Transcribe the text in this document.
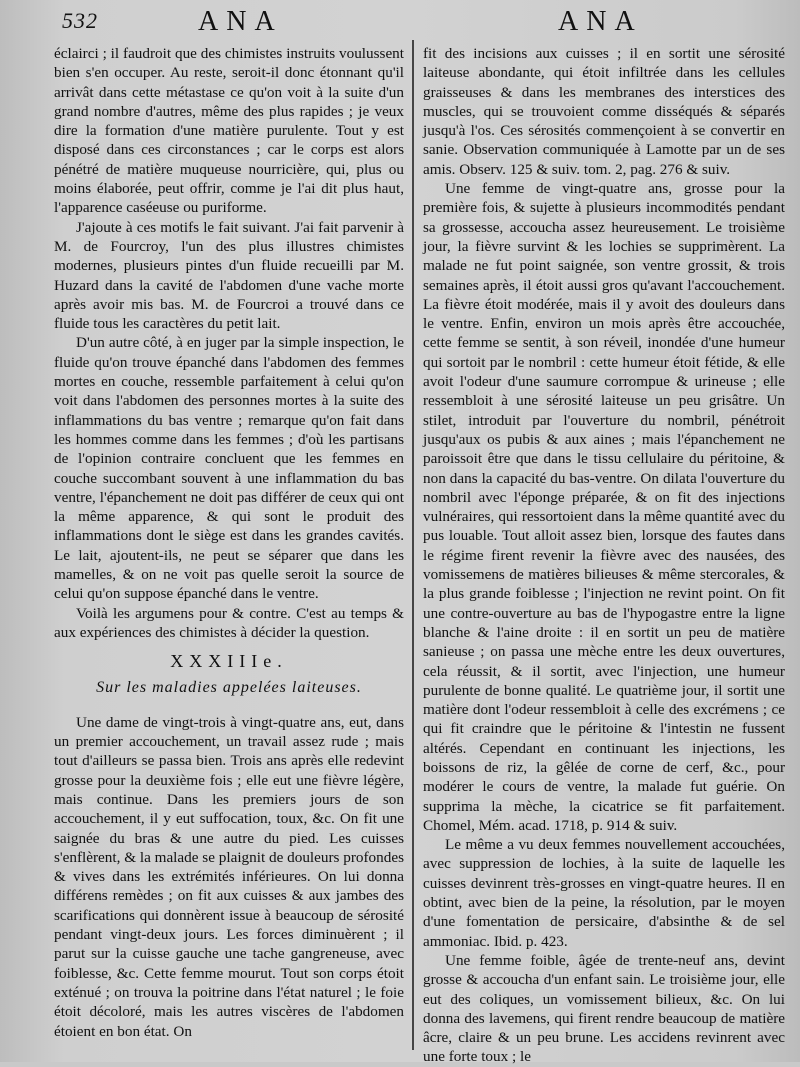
532	ANA	ANA

éclairci ; il faudroit que des chimistes instruits voulussent bien s'en occuper. Au reste, seroit-il donc étonnant qu'il arrivât dans cette métastase ce qu'on voit à la suite d'un grand nombre d'autres, même des plus rapides ; je veux dire la formation d'une matière purulente. Tout y est disposé dans ces circonstances ; car le corps est alors pénétré de matière muqueuse nourricière, qui, plus ou moins élaborée, peut offrir, comme je l'ai dit plus haut, l'apparence caséeuse ou puriforme.

J'ajoute à ces motifs le fait suivant. J'ai fait parvenir à M. de Fourcroy, l'un des plus illustres chimistes modernes, plusieurs pintes d'un fluide recueilli par M. Huzard dans la cavité de l'abdomen d'une vache morte après avoir mis bas. M. de Fourcroi a trouvé dans ce fluide tous les caractères du petit lait.

D'un autre côté, à en juger par la simple inspection, le fluide qu'on trouve épanché dans l'abdomen des femmes mortes en couche, ressemble parfaitement à celui qu'on voit dans l'abdomen des personnes mortes à la suite des inflammations du bas ventre ; remarque qu'on fait dans les hommes comme dans les femmes ; d'où les partisans de l'opinion contraire concluent que les femmes en couche succombant souvent à une inflammation du bas ventre, l'épanchement ne doit pas différer de ceux qui ont la même apparence, & qui sont le produit des inflammations dont le siège est dans les grandes cavités. Le lait, ajoutent-ils, ne peut se séparer que dans les mamelles, & on ne voit pas quelle seroit la source de celui qu'on suppose épanché dans le ventre.

Voilà les argumens pour & contre. C'est au temps & aux expériences des chimistes à décider la question.

XXXIIIe.
Sur les maladies appelées laiteuses.

Une dame de vingt-trois à vingt-quatre ans, eut, dans un premier accouchement, un travail assez rude ; mais tout d'ailleurs se passa bien. Trois ans après elle redevint grosse pour la deuxième fois ; elle eut une fièvre légère, mais continue. Dans les premiers jours de son accouchement, il y eut suffocation, toux, &c. On fit une saignée du bras & une autre du pied. Les cuisses s'enflèrent, & la malade se plaignit de douleurs profondes & vives dans les extrémités inférieures. On lui donna différens remèdes ; on fit aux cuisses & aux jambes des scarifications qui donnèrent issue à beaucoup de sérosité pendant vingt-deux jours. Les forces diminuèrent ; il parut sur la cuisse gauche une tache gangreneuse, avec foiblesse, &c. Cette femme mourut. Tout son corps étoit exténué ; on trouva la poitrine dans l'état naturel ; le foie étoit décoloré, mais les autres viscères de l'abdomen étoient en bon état. On

fit des incisions aux cuisses ; il en sortit une sérosité laiteuse abondante, qui étoit infiltrée dans les cellules graisseuses & dans les membranes des interstices des muscles, qui se trouvoient comme disséqués & séparés jusqu'à l'os. Ces sérosités commençoient à se convertir en sanie. Observation communiquée à Lamotte par un de ses amis. Observ. 125 & suiv. tom. 2, pag. 276 & suiv.

Une femme de vingt-quatre ans, grosse pour la première fois, & sujette à plusieurs incommodités pendant sa grossesse, accoucha assez heureusement. Le troisième jour, la fièvre survint & les lochies se supprimèrent. La malade ne fut point saignée, son ventre grossit, & trois semaines après, il étoit aussi gros qu'avant l'accouchement. La fièvre étoit modérée, mais il y avoit des douleurs dans le ventre. Enfin, environ un mois après être accouchée, cette femme se sentit, à son réveil, inondée d'une humeur qui sortoit par le nombril : cette humeur étoit fétide, & elle avoit l'odeur d'une saumure corrompue & urineuse ; elle ressembloit à une sérosité laiteuse un peu grisâtre. Un stilet, introduit par l'ouverture du nombril, pénétroit jusqu'aux os pubis & aux aines ; mais l'épanchement ne paroissoit être que dans le tissu cellulaire du péritoine, & non dans la capacité du bas-ventre. On dilata l'ouverture du nombril avec l'éponge préparée, & on fit des injections vulnéraires, qui ressortoient dans la même quantité avec du pus louable. Tout alloit assez bien, lorsque des fautes dans le régime firent revenir la fièvre avec des nausées, des vomissemens de matières bilieuses & même stercorales, & la plus grande foiblesse ; l'injection ne revint point. On fit une contre-ouverture au bas de l'hypogastre entre la ligne blanche & l'aine droite : il en sortit un peu de matière sanieuse ; on passa une mèche entre les deux ouvertures, cela réussit, & il sortit, avec l'injection, une humeur purulente de bonne qualité. Le quatrième jour, il sortit une matière dont l'odeur ressembloit à celle des excrémens ; ce qui fit craindre que le péritoine & l'intestin ne fussent altérés. Cependant en continuant les injections, les boissons de riz, la gêlée de corne de cerf, &c., pour modérer le cours de ventre, la malade fut guérie. On supprima la mèche, la cicatrice se fit parfaitement. Chomel, Mém. acad. 1718, p. 914 & suiv.

Le même a vu deux femmes nouvellement accouchées, avec suppression de lochies, à la suite de laquelle les cuisses devinrent très-grosses en vingt-quatre heures. Il en obtint, avec bien de la peine, la résolution, par le moyen d'une fomentation de persicaire, d'absinthe & de sel ammoniac. Ibid. p. 423.

Une femme foible, âgée de trente-neuf ans, devint grosse & accoucha d'un enfant sain. Le troisième jour, elle eut des coliques, un vomissement bilieux, &c. On lui donna des lavemens, qui firent rendre beaucoup de matière âcre, claire & un peu brune. Les accidens revinrent avec une forte toux ; le
